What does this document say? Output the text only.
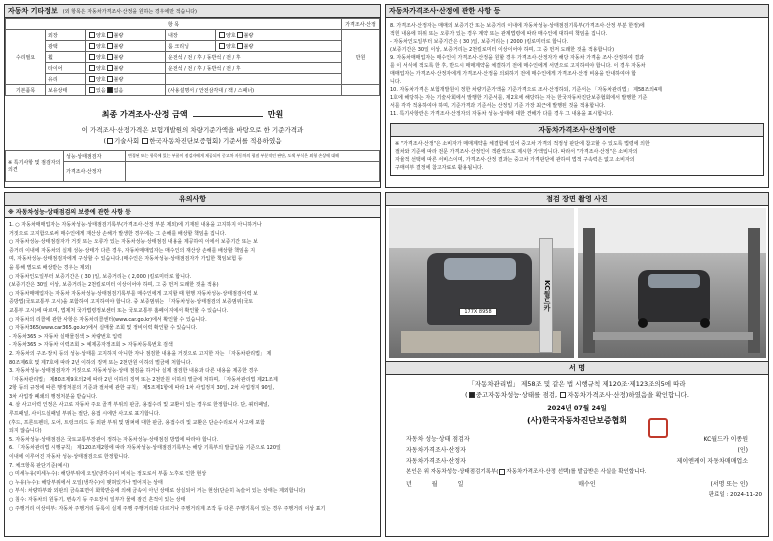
자동차 기타정보 (외 항목은 자동차가격조사·산정을 원하는 경우에만 적습니다)
항 목					가격조사·산정
수리필요	외장	양호 불량	내장	양호 불량	만원
	광택	양호 불량	룸 크리닝	양호 불량	
	휠	양호 불량	운전석 / 전 / 후 / 동반석 / 전 / 후		
	타이어	양호 불량	운전석 / 전 / 후 / 동반석 / 전 / 후		
	유리	양호 불량			
기본품목	보유상태	있음 없음	(사용설명서 / 안전삼각대 / 잭 / 스패너)		
최종 가격조사·산정 금액	만원
이 가격조사·산정가격은 보험개발원의 차량기준가액을 바탕으로 한 기준가격과
( 기술사회 한국자동차진단보증협회) 기준서를 적용하였음
※ 특기사항 및 점검자의 의견	성능·상태점검자	변경된 또는 항목에 있는 부품이 점검자에게 제공되어 중고차 자동차의 평점 부분적인 판단, 도색 부식은 외형 손상에 대해
	가격조사·산정자	
자동차가격조사·산정에 관한 사항 등

8. 가격조사·산정자는 매매의 보증기간 또는 보증거리 이내에 자동차성능·상태점검기록부(가격조사·산정 부분 한정)에

적힌 내용에 허위 또는 오류가 있는 경우 계약 또는 관계법령에 따라 매수인에 대하여 책임을 집니다.

- 자동차인도일부터 보증기간은 ( 30 )일, 보증거리는 ( 2000 )킬로미터로 합니다.

(보증기간은 30일 이상, 보증거리는 2천킬로미터 이상이어야 하며, 그 중 먼저 도래한 것을 적용합니다)

9. 자동차매매업자는 매수인이 가격조사·산정을 원할 경우 가격조사·산정자가 해당 자동차 가격을 조사·산정하여 결과

를 이 서식에 적도록 한 후, 반드시 매매계약을 체결하기 전에 매수인에게 서면으로 고지하여야 합니다. 이 경우 자동차

매매업자는 가격조사·산정자에게 가격조사·산정을 의뢰하기 전에 매수인에게 가격조사·산정 비용을 안내하여야 합

니다.

10. 자동차가격은 보험개발원이 정한 차량기준가액을 기준가격으로 조사·산정하되, 기준서는 「자동차관리법」 제58조의4제

1호에 해당하는 자는 기술사회에서 발행한 기준서를, 제2호에 해당하는 자는 한국자동차진단보증협회에서 발행한 기준

서를 각각 적용하여야 하며, 기준가격과 기준서는 산정일 기준 가장 최근에 발행된 것을 적용합니다.

11. 특기사항란은 가격조사·산정자의 자동차 성능·상태에 대한 견해가 다를 경우 그 내용을 표시합니다.

자동차가격조사·산정이란

※ "가격조사·산정"은 소비자가 매매계약을 체결함에 있어 중고차 가격의 적정성 판단에 참고할 수 있도록 법령에 의한

절차와 기준에 따라 전문 가격조사·산정인이 객관적으로 제시한 가액입니다. 따라서 "가격조사·산정"은 소비자의

자율적 선택에 따른 서비스이며, 가격조사·산정 결과는 중고차 가격판단에 관하여 법적 구속력은 없고 소비자의

구매여부 결정에 참고자료로 활용됩니다.

유의사항
※ 자동차성능·상태점검의 보증에 관한 사항 등

1. ○ 자동차매매업자는 자동차성능·상태점검기록부(가격조사·산정 부분 제외)에 기재된 내용을 고지하지 아니하거나

거짓으로 고지함으로써 매수인에게 재산상 손해가 발생한 경우에는 그 손해를 배상할 책임을 집니다.

○ 자동차성능·상태점검자가 거짓 또는 오류가 있는 자동차성능·상태점검 내용을 제공하여 이에서 보증기간 또는 보

증거리 이내에 자동차의 실제 성능·상태가 다른 경우, 자동차매매업자는 매수인의 재산상 손해를 배상할 책임을 지

며, 자동차성능·상태점검자에게 구상할 수 있습니다.(매수인은 자동차성능·상태점검자가 가입한 책임보험 등

을 통해 별도로 배상받는 경우는 제외)

○ 자동차인도일부터 보증기간은 ( 30 )일, 보증거리는 ( 2,000 )킬로미터로 합니다.

(보증기간은 30일 이상, 보증거리는 2천킬로미터 이상이어야 하며, 그 중 먼저 도래한 것을 적용)

○ 자동차매매업자는 자동차 자동차성능·상태점검기록부를 매수인에게 고지할 때 현행 자동차성능·상태점검이력 보

증방법(국토교통부 고시)을 포함하여 고지하여야 합니다. 중 보증범위는 「자동차성능·상태점검의 보증범위(국토

교통부 고시)에 따르며, 법제처 국가법령정보센터 또는 국토교통부 홈페이지에서 확인할 수 있습니다.

○ 자동차의 리콜에 관한 사항은 자동차리콜센터(www.car.go.kr)에서 확인할 수 있습니다.

○ 자동차365(www.car365.go.kr)에서 실매물 조회 및 정비이력 확인할 수 있습니다.

- 자동차365 > 자동차 실매물검색 > 차량번호 입력

- 자동차365 > 자동차 이력조회 > 예제공자정조회 > 자동차등록번호 검색

2. 자동차의 구조·장치 등의 성능·상태를 고지하지 아니한 자나 점검한 내용을 거짓으로 고지한 자는 「자동차관리법」 제

80조제6호 및 제7호에 따라 2년 이하의 징역 또는 2천만원 이하의 벌금에 처합니다.

3. 자동차성능·상태점검자가 거짓으로 자동차성능·상태 점검을 하거나 실제 점검한 내용과 다른 내용을 제공한 경우

「자동차관리법」 제80조제9호의2에 따라 2년 이하의 징역 또는 2천만원 이하의 벌금에 처하며, 「자동차관리법 제21조제

2항 등의 규정에 따른 행정처분의 기준과 절차에 관한 규칙」 제5조제1항에 따라 1차 사업정지 30일, 2차 사업정지 90일,

3차 사업장 폐쇄의 행정처분을 받습니다.

4. 삼 사고이력 인정은 사고로 자동차 주요 골격 부위의 판금, 용접수리 및 교환이 있는 경우로 한정합니다. 단, 쿼터패널,

루프패널, 사이드실패널 부위는 절단, 용접 시에만 사고로 표기합니다.

(후드, 프론트펜더, 도어, 트렁크리드 등 외판 부위 및 범퍼에 대한 판금, 용접수리 및 교환은 단순수리로서 사고에 포함

되지 않습니다)

5. 자동차성능·상태점검은 국토교통부장관이 정하는 자동차성능·상태점검 방법에 따라야 합니다.

6. 「자동차관리법 시행규칙」 제120조제2항에 따라 자동차성능·상태점검기록부는 해당 기록부의 발급일을 기준으로 120일

이내에 이루어진 자동차 성능·상태점검으로 한정합니다.

7. 체크항목 판단기준(예시)

○ 미세누유(미세누수): 해당부위에 오일(냉각수)이 비치는 정도로서 부품 노후로 인한 현상

○ 누유(누수): 해당부위에서 오일(냉각수)이 맺혀있거나 떨어지는 상태

○ 부식: 차량하부와 외판의 금속표면이 화학반응에 의해 금속이 아닌 상태로 상실되어 거는 현상(단순히 녹슬어 있는 상태는 제외합니다)

○ 침수: 자동차의 원동기, 변속기 등 주요장치 일부가 물에 잠긴 흔적이 있는 상태

○ 주행거리 이상여부: 자동차 주행거리 등록이 실제 주행 주행거리와 다르거나 주행거리계 조작 등 다른 주행기록이 있는 경우 주행거리 이상 표기

점검 장면 촬영 사진
177X 8958
KC월드카
서 명
「자동차관리법」 제58조 및 같은 법 시행규칙 제120조·제123조의5에 따라
( 중고자동차성능·상태를 점검, 자동차가격조사·산정)하였음을 확인합니다.
2024년 07월 24일
(사)한국자동차진단보증협회
자동차 성능·상태 점검자	KC월드카 이종원
자동차가격조사·산정자	(인)
자동차가격조사·산정자	제이엔케이 자동차매매업소
본인은 위 자동차성능·상태점검기록부( 자동차가격조사·산정 선택)를 발급받은 사실을 확인합니다.
년	월	일	매수인	(서명 또는 인)
판료일 : 2024-11-20
